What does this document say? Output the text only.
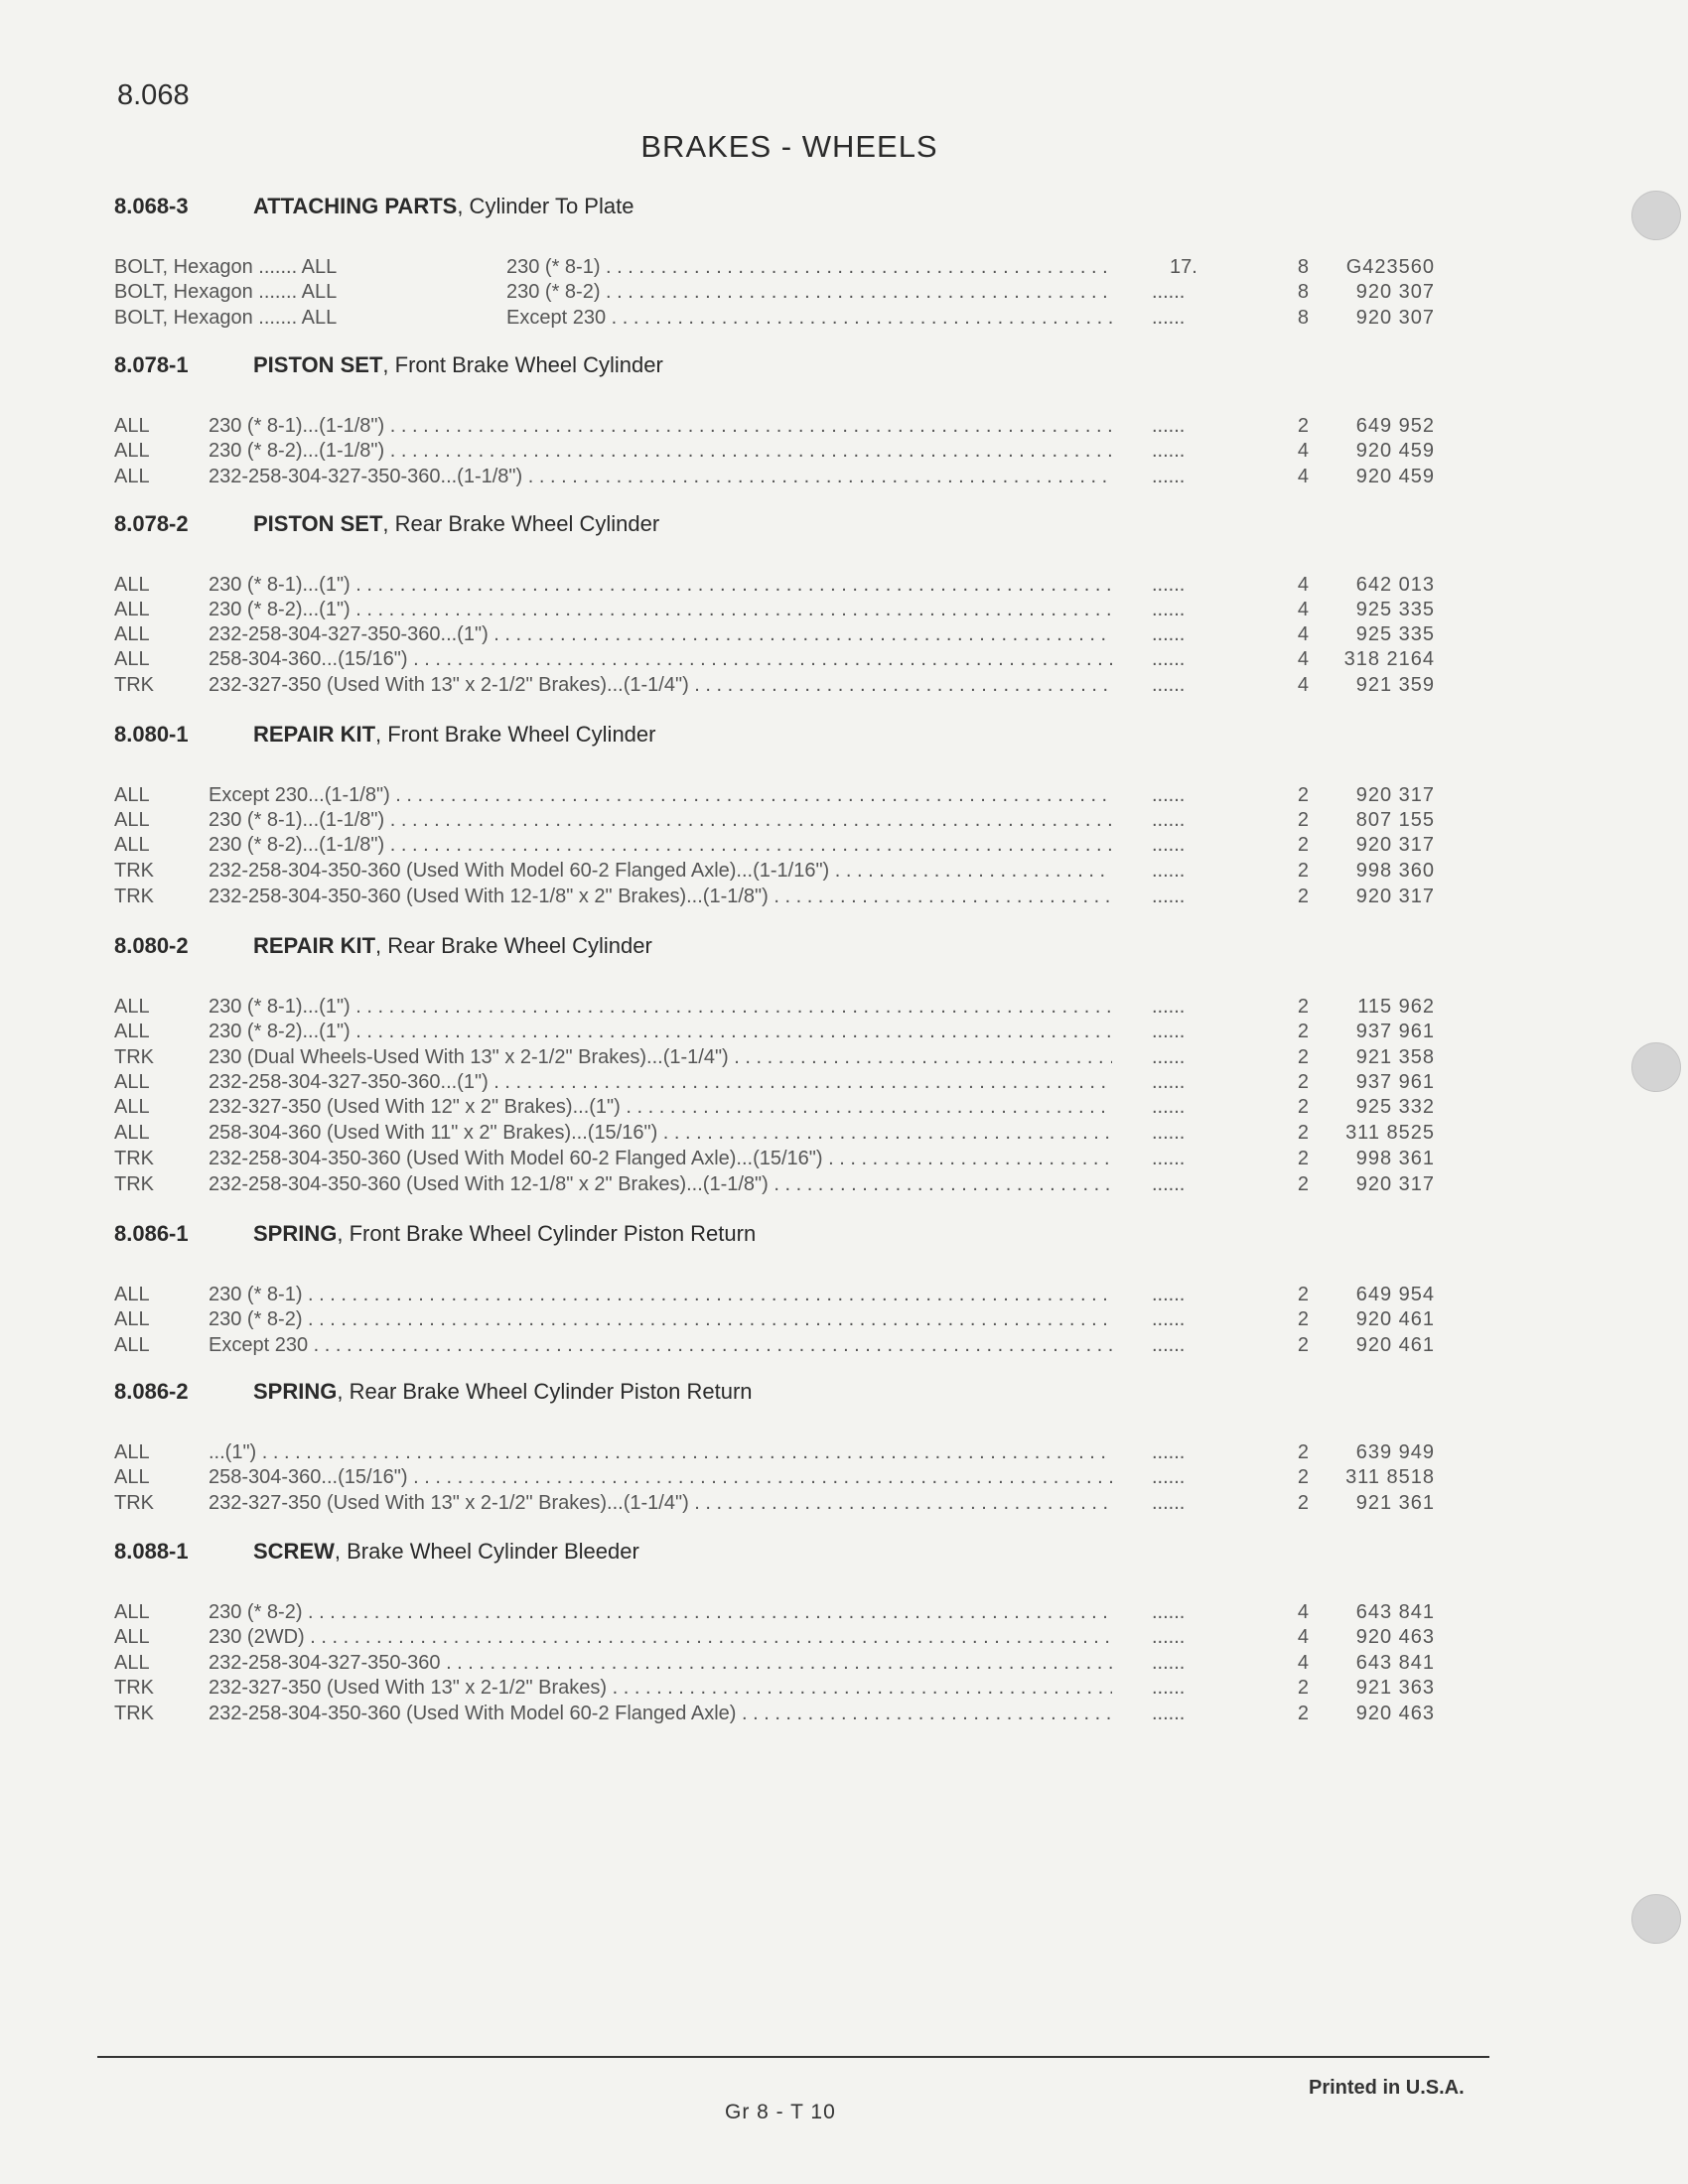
8.068
BRAKES - WHEELS
8.068-3	ATTACHING PARTS, Cylinder To Plate
BOLT, Hexagon ....... ALL	230 (* 8-1) . . .	17.	8	G423560
BOLT, Hexagon ....... ALL	230 (* 8-2) . . .	......	8	920 307
BOLT, Hexagon ....... ALL	Except 230 . . .	......	8	920 307
8.078-1	PISTON SET, Front Brake Wheel Cylinder
ALL	230 (* 8-1)...(1-1/8") . . .	......	2	649 952
ALL	230 (* 8-2)...(1-1/8") . . .	......	4	920 459
ALL	232-258-304-327-350-360...(1-1/8") . . .	......	4	920 459
8.078-2	PISTON SET, Rear Brake Wheel Cylinder
ALL	230 (* 8-1)...(1") . . .	......	4	642 013
ALL	230 (* 8-2)...(1") . . .	......	4	925 335
ALL	232-258-304-327-350-360...(1") . . .	......	4	925 335
ALL	258-304-360...(15/16") . . .	......	4	318 2164
TRK	232-327-350 (Used With 13" x 2-1/2" Brakes)...(1-1/4") . . .	......	4	921 359
8.080-1	REPAIR KIT, Front Brake Wheel Cylinder
ALL	Except 230...(1-1/8") . . .	......	2	920 317
ALL	230 (* 8-1)...(1-1/8") . . .	......	2	807 155
ALL	230 (* 8-2)...(1-1/8") . . .	......	2	920 317
TRK	232-258-304-350-360 (Used With Model 60-2 Flanged Axle)...(1-1/16") . . .	......	2	998 360
TRK	232-258-304-350-360 (Used With 12-1/8" x 2" Brakes)...(1-1/8") . . .	......	2	920 317
8.080-2	REPAIR KIT, Rear Brake Wheel Cylinder
ALL	230 (* 8-1)...(1") . . .	......	2	115 962
ALL	230 (* 8-2)...(1") . . .	......	2	937 961
TRK	230 (Dual Wheels-Used With 13" x 2-1/2" Brakes)...(1-1/4") . . .	......	2	921 358
ALL	232-258-304-327-350-360...(1") . . .	......	2	937 961
ALL	232-327-350 (Used With 12" x 2" Brakes)...(1") . . .	......	2	925 332
ALL	258-304-360 (Used With 11" x 2" Brakes)...(15/16") . . .	......	2	311 8525
TRK	232-258-304-350-360 (Used With Model 60-2 Flanged Axle)...(15/16") . . .	......	2	998 361
TRK	232-258-304-350-360 (Used With 12-1/8" x 2" Brakes)...(1-1/8") . . .	......	2	920 317
8.086-1	SPRING, Front Brake Wheel Cylinder Piston Return
ALL	230 (* 8-1) . . .	......	2	649 954
ALL	230 (* 8-2) . . .	......	2	920 461
ALL	Except 230 . . .	......	2	920 461
8.086-2	SPRING, Rear Brake Wheel Cylinder Piston Return
ALL	...(1") . . .	......	2	639 949
ALL	258-304-360...(15/16") . . .	......	2	311 8518
TRK	232-327-350 (Used With 13" x 2-1/2" Brakes)...(1-1/4") . . .	......	2	921 361
8.088-1	SCREW, Brake Wheel Cylinder Bleeder
ALL	230 (* 8-2) . . .	......	4	643 841
ALL	230 (2WD) . . .	......	4	920 463
ALL	232-258-304-327-350-360 . . .	......	4	643 841
TRK	232-327-350 (Used With 13" x 2-1/2" Brakes) . . .	......	2	921 363
TRK	232-258-304-350-360 (Used With Model 60-2 Flanged Axle) . . .	......	2	920 463
Gr 8 - T 10
Printed in U.S.A.
